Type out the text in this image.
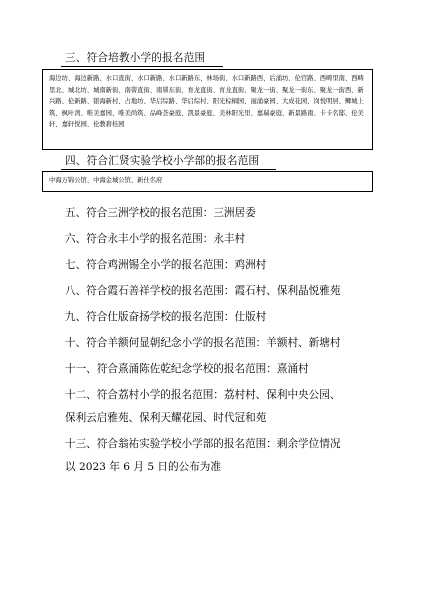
三、符合培教小学的报名范围
海边坊、海边新路、水口直街、水口新路、水口新路东、林场街、水口新路西、后涌坊、伦官路、西畴里南、西畴里北、城北坊、城南新街、南罾直街、南罾东街、育龙直街、育龙直街、聚龙一街、聚龙一街东、聚龙一街西、新兴路、伦新路、银海新村、占地坊、华启综路、华启综村、阳光棕榈园、丽涌豪园、大成花园、岗悦明居、鲫城上筑、枫叶湾、唯美嘉园、唯美尚筑、品峰荟豪庭、凯景豪庭、美林阳光里、嘉瑞豪庭、新景路南、卡卡名邸、伦美轩、嘉轩悦园、伦教碧桂园
四、符合汇贤实验学校小学部的报名范围
中海万锦公馆、中海金城公馆、新仕名府
五、符合三洲学校的报名范围：三洲居委
六、符合永丰小学的报名范围：永丰村
七、符合鸡洲锡全小学的报名范围：鸡洲村
八、符合霞石善祥学校的报名范围：霞石村、保利晶悦雅苑
九、符合仕版奋扬学校的报名范围：仕版村
十、符合羊额何显朝纪念小学的报名范围：羊额村、新塘村
十一、符合熹涌陈佐乾纪念学校的报名范围：熹涌村
十二、符合荔村小学的报名范围：荔村村、保利中央公园、
保利云启雅苑、保利天耀花园、时代冠和苑
十三、符合翁祐实验学校小学部的报名范围：剩余学位情况
以 2023 年 6 月 5 日的公布为准
